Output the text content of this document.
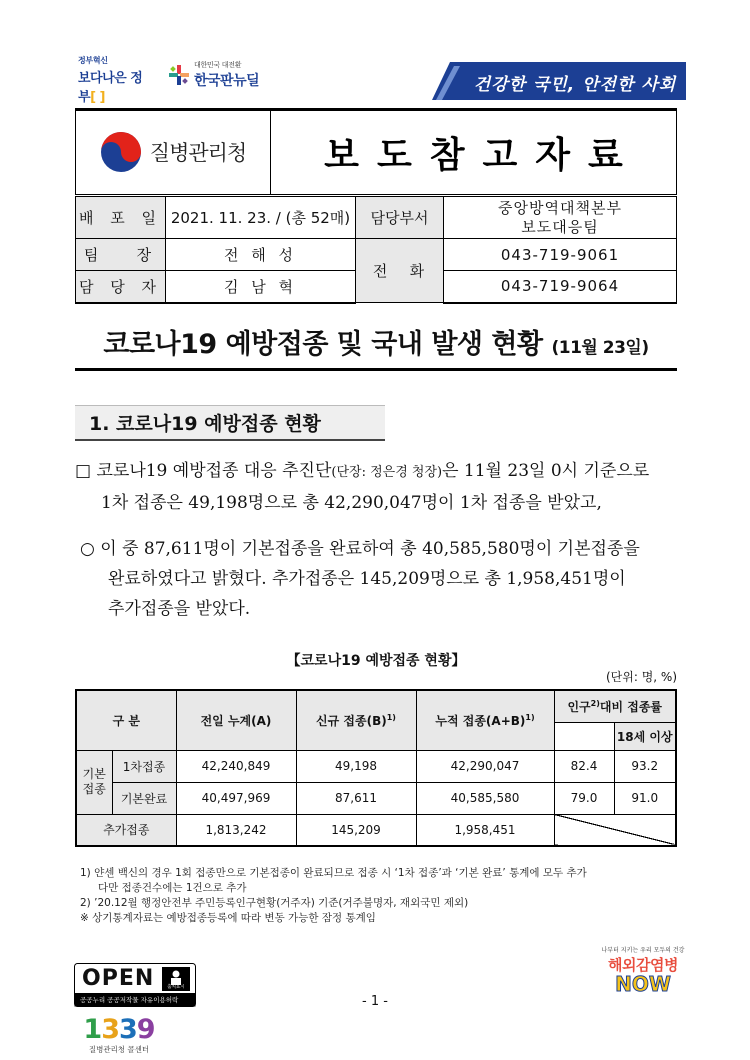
정부혁신
보다나은 정부[ ]
대한민국 대전환
한국판뉴딜	건강한 국민, 안전한 사회
질병관리청	보도참고자료
배 포 일	2021. 11. 23. / (총 52매)	담당부서	중앙방역대책본부
보도대응팀

팀   장	전 해 성	전   화	043-719-9061
담 당 자	김 남 혁		043-719-9064
코로나19 예방접종 및 국내 발생 현황 (11월 23일)
1. 코로나19 예방접종 현황
□ 코로나19 예방접종 대응 추진단(단장: 정은경 청장)은 11월 23일 0시 기준으로
1차 접종은 49,198명으로 총 42,290,047명이 1차 접종을 받았고,
○ 이 중 87,611명이 기본접종을 완료하여 총 40,585,580명이 기본접종을
완료하였다고 밝혔다. 추가접종은 145,209명으로 총 1,958,451명이
추가접종을 받았다.
【코로나19 예방접종 현황】
(단위: 명, %)
구 분		전일 누계(A)	신규 접종$(B)^{1)}$	누적 접종$(A+B)^{1)}$	인구$^{2)}$대비 접종률	
						18세 이상
기본 접종	1차접종	42,240,849	49,198	42,290,047	82.4	93.2
	기본완료	40,497,969	87,611	40,585,580	79.0	91.0
추가접종		1,813,242	145,209	1,958,451		
1) 얀센 백신의 경우 1회 접종만으로 기본접종이 완료되므로 접종 시 ‘1차 접종’과 ‘기본 완료’ 통계에 모두 추가
다만 접종건수에는 1건으로 추가
2) ’20.12월 행정안전부 주민등록인구현황(거주자) 기준(거주불명자, 재외국민 제외)
※ 상기통계자료는 예방접종등록에 따라 변동 가능한 잠정 통계임
OPEN	출처표시
공공누리 공공저작물 자유이용허락	- 1 -
나부터 지키는 우리 모두의 건강
해외감염병
NOW
1339
질병관리청 콜센터
